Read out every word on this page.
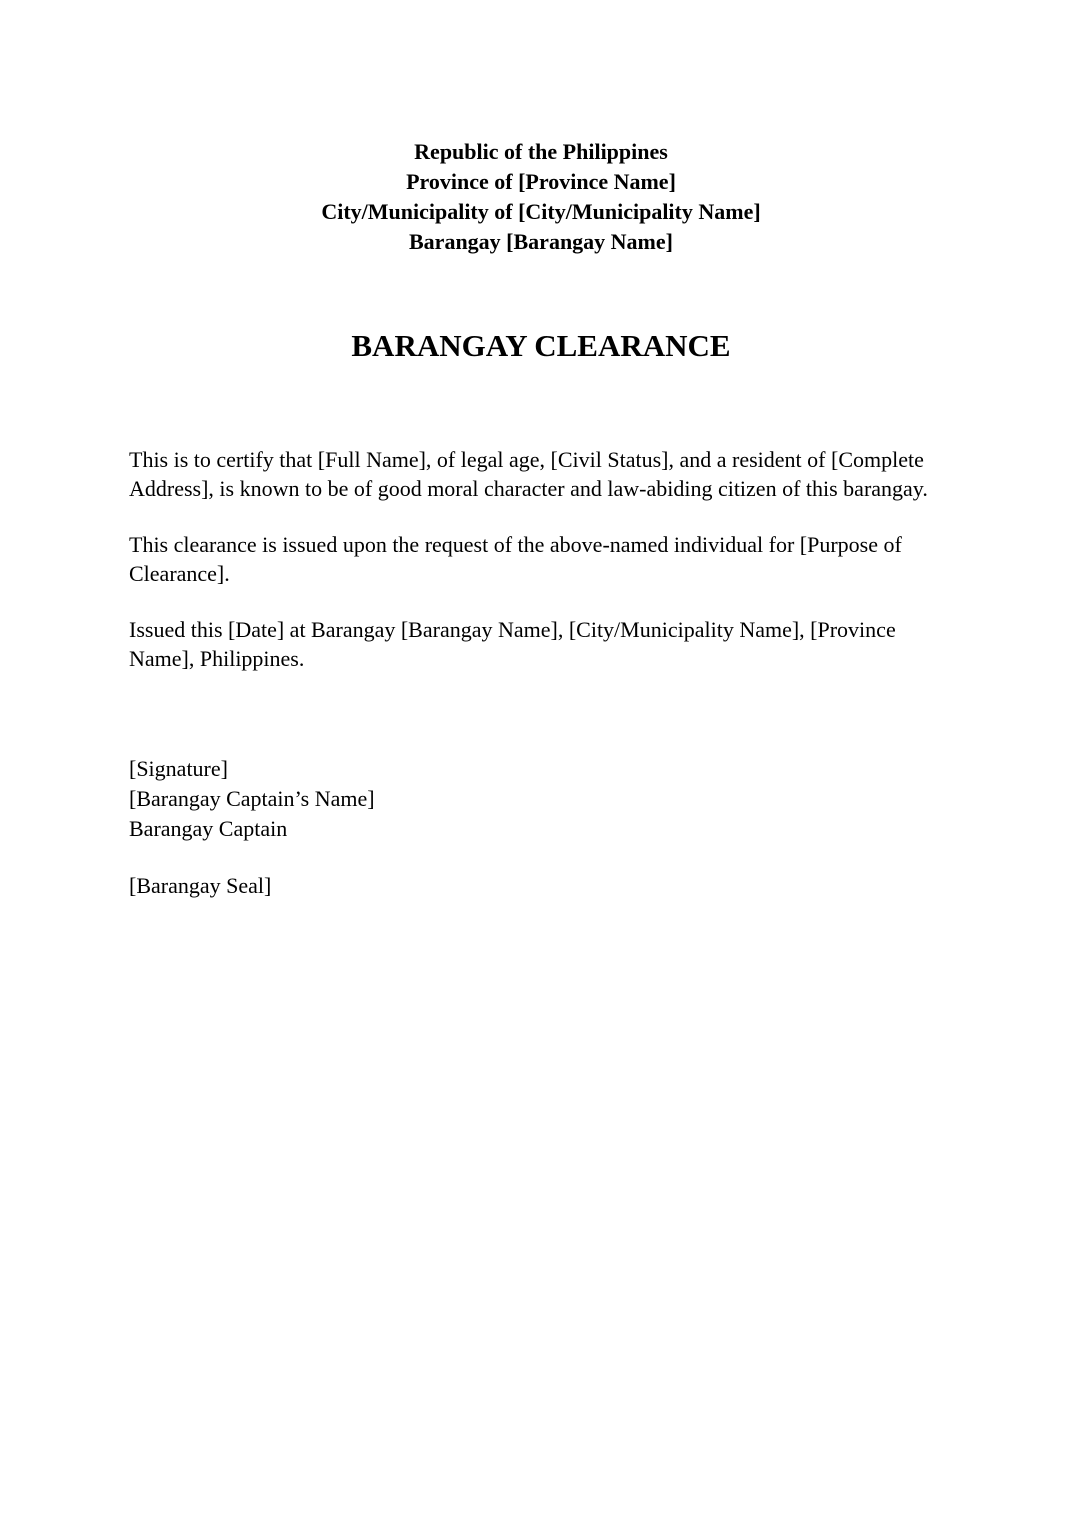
Republic of the Philippines

Province of [Province Name]

City/Municipality of [City/Municipality Name]

Barangay [Barangay Name]

BARANGAY CLEARANCE

This is to certify that [Full Name], of legal age, [Civil Status], and a resident of [Complete Address], is known to be of good moral character and law-abiding citizen of this barangay.

This clearance is issued upon the request of the above-named individual for [Purpose of Clearance].

Issued this [Date] at Barangay [Barangay Name], [City/Municipality Name], [Province Name], Philippines.

[Signature]

[Barangay Captain’s Name]

Barangay Captain

[Barangay Seal]
